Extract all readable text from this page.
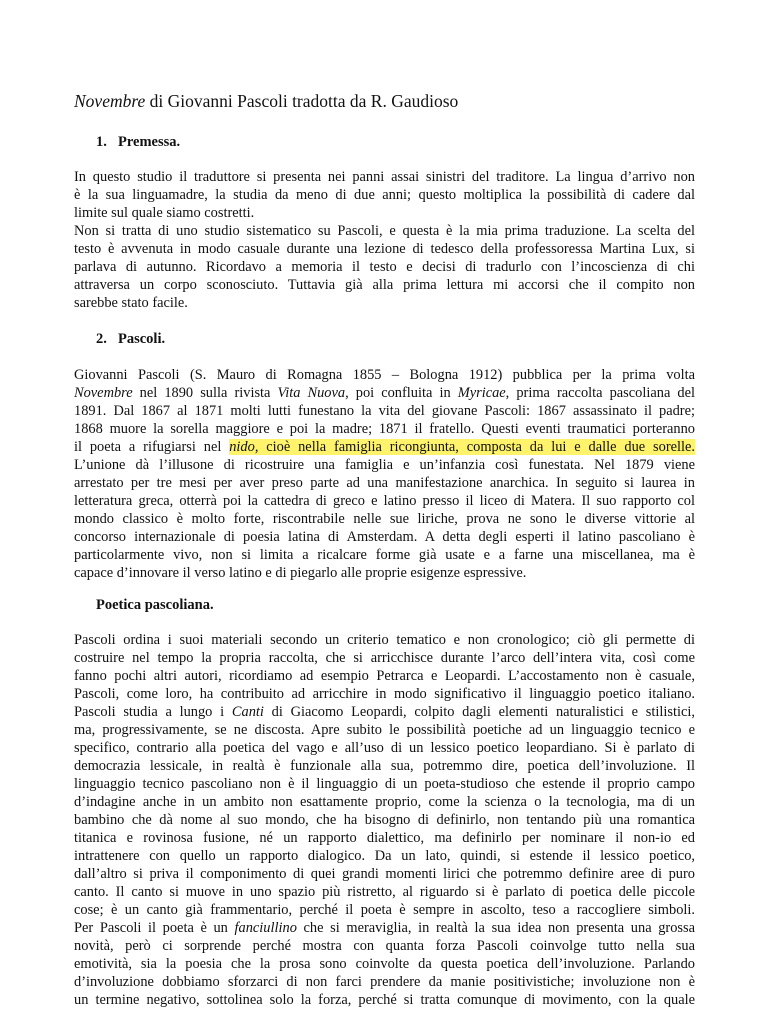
Novembre di Giovanni Pascoli tradotta da R. Gaudioso
1. Premessa.

In questo studio il traduttore si presenta nei panni assai sinistri del traditore. La lingua d’arrivo non
è la sua linguamadre, la studia da meno di due anni; questo moltiplica la possibilità di cadere dal
limite sul quale siamo costretti.
Non si tratta di uno studio sistematico su Pascoli, e questa è la mia prima traduzione. La scelta del
testo è avvenuta in modo casuale durante una lezione di tedesco della professoressa Martina Lux, si
parlava di autunno. Ricordavo a memoria il testo e decisi di tradurlo con l’incoscienza di chi
attraversa un corpo sconosciuto. Tuttavia già alla prima lettura mi accorsi che il compito non
sarebbe stato facile.

2. Pascoli.

Giovanni Pascoli (S. Mauro di Romagna 1855 – Bologna 1912) pubblica per la prima volta
Novembre nel 1890 sulla rivista Vita Nuova, poi confluita in Myricae, prima raccolta pascoliana del
1891. Dal 1867 al 1871 molti lutti funestano la vita del giovane Pascoli: 1867 assassinato il padre;
1868 muore la sorella maggiore e poi la madre; 1871 il fratello. Questi eventi traumatici porteranno
il poeta a rifugiarsi nel nido, cioè nella famiglia ricongiunta, composta da lui e dalle due sorelle.
L’unione dà l’illusone di ricostruire una famiglia e un’infanzia così funestata. Nel 1879 viene
arrestato per tre mesi per aver preso parte ad una manifestazione anarchica. In seguito si laurea in
letteratura greca, otterrà poi la cattedra di greco e latino presso il liceo di Matera. Il suo rapporto col
mondo classico è molto forte, riscontrabile nelle sue liriche, prova ne sono le diverse vittorie al
concorso internazionale di poesia latina di Amsterdam. A detta degli esperti il latino pascoliano è
particolarmente vivo, non si limita a ricalcare forme già usate e a farne una miscellanea, ma è
capace d’innovare il verso latino e di piegarlo alle proprie esigenze espressive.

Poetica pascoliana.

Pascoli ordina i suoi materiali secondo un criterio tematico e non cronologico; ciò gli permette di
costruire nel tempo la propria raccolta, che si arricchisce durante l’arco dell’intera vita, così come
fanno pochi altri autori, ricordiamo ad esempio Petrarca e Leopardi. L’accostamento non è casuale,
Pascoli, come loro, ha contribuito ad arricchire in modo significativo il linguaggio poetico italiano.
Pascoli studia a lungo i Canti di Giacomo Leopardi, colpito dagli elementi naturalistici e stilistici,
ma, progressivamente, se ne discosta. Apre subito le possibilità poetiche ad un linguaggio tecnico e
specifico, contrario alla poetica del vago e all’uso di un lessico poetico leopardiano. Si è parlato di
democrazia lessicale, in realtà è funzionale alla sua, potremmo dire, poetica dell’involuzione. Il
linguaggio tecnico pascoliano non è il linguaggio di un poeta-studioso che estende il proprio campo
d’indagine anche in un ambito non esattamente proprio, come la scienza o la tecnologia, ma di un
bambino che dà nome al suo mondo, che ha bisogno di definirlo, non tentando più una romantica
titanica e rovinosa fusione, né un rapporto dialettico, ma definirlo per nominare il non-io ed
intrattenere con quello un rapporto dialogico. Da un lato, quindi, si estende il lessico poetico,
dall’altro si priva il componimento di quei grandi momenti lirici che potremmo definire aree di puro
canto. Il canto si muove in uno spazio più ristretto, al riguardo si è parlato di poetica delle piccole
cose; è un canto già frammentario, perché il poeta è sempre in ascolto, teso a raccogliere simboli.
Per Pascoli il poeta è un fanciullino che si meraviglia, in realtà la sua idea non presenta una grossa
novità, però ci sorprende perché mostra con quanta forza Pascoli coinvolge tutto nella sua
emotività, sia la poesia che la prosa sono coinvolte da questa poetica dell’involuzione. Parlando
d’involuzione dobbiamo sforzarci di non farci prendere da manie positivistiche; involuzione non è
un termine negativo, sottolinea solo la forza, perché si tratta comunque di movimento, con la quale
